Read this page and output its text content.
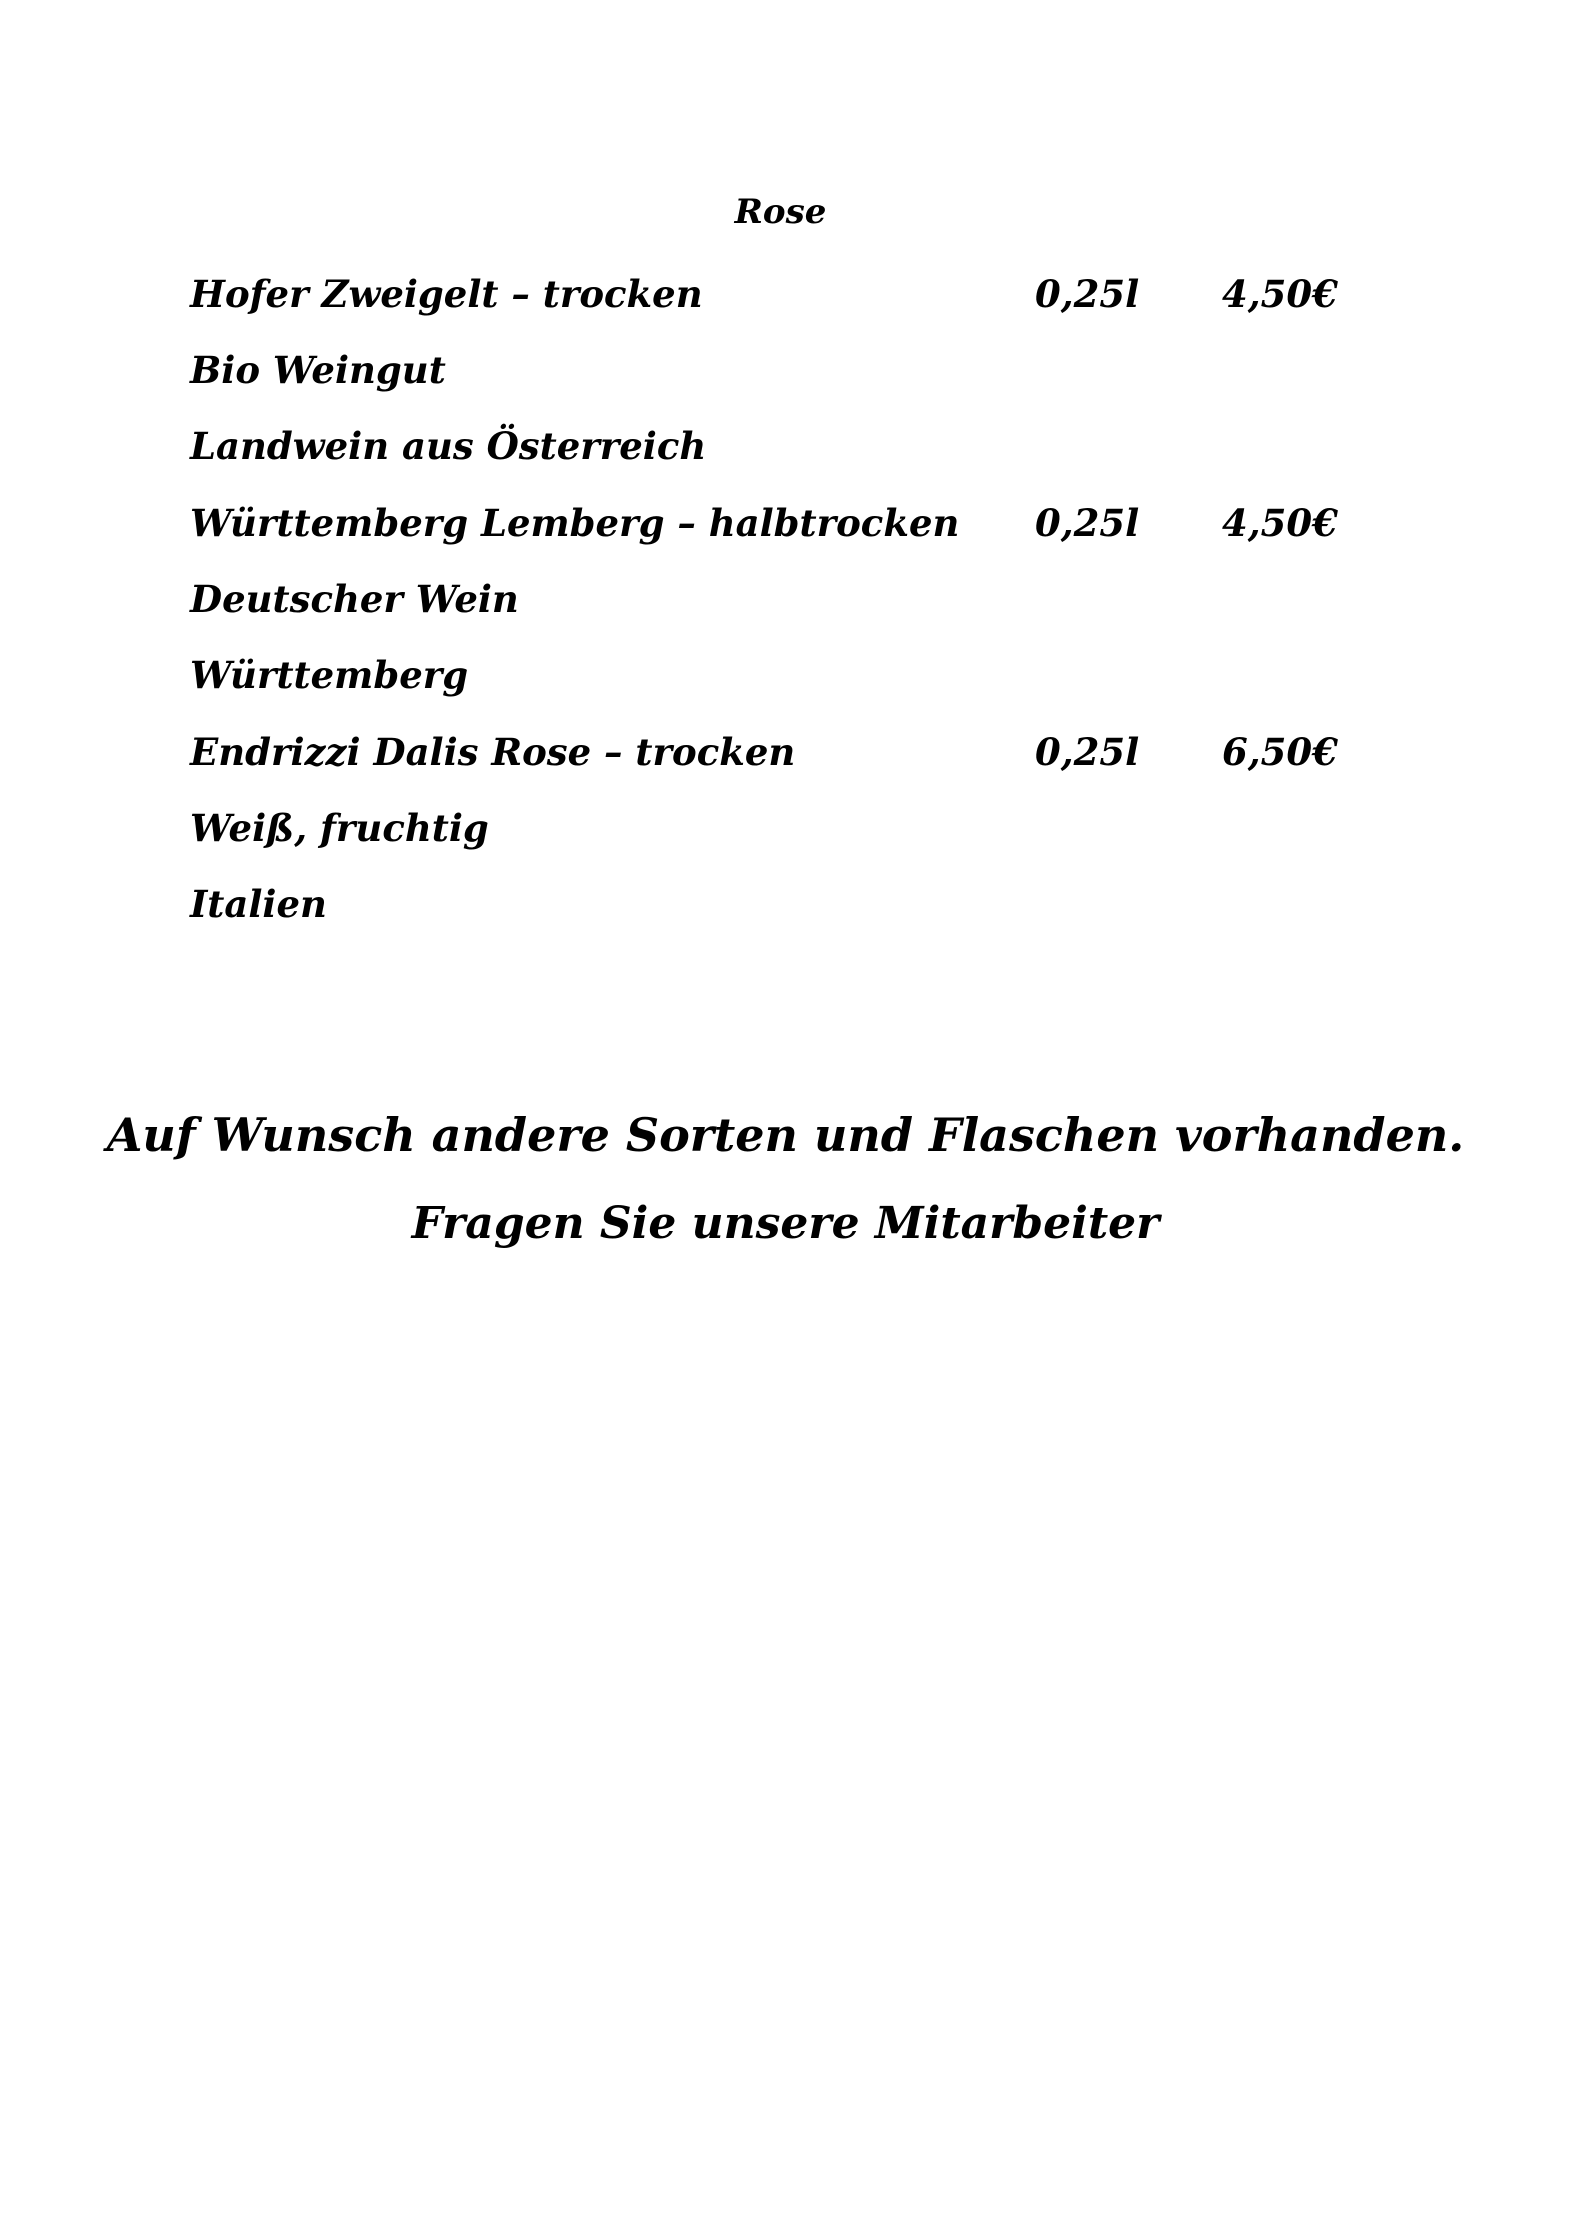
Rose
Hofer Zweigelt – trocken	0,25l 4,50€
Bio Weingut
Landwein aus Österreich
Württemberg Lemberg – halbtrocken 0,25l 4,50€
Deutscher Wein
Württemberg
Endrizzi Dalis Rose – trocken	0,25l 6,50€
Weiß, fruchtig
Italien
Auf Wunsch andere Sorten und Flaschen vorhanden.
Fragen Sie unsere Mitarbeiter
